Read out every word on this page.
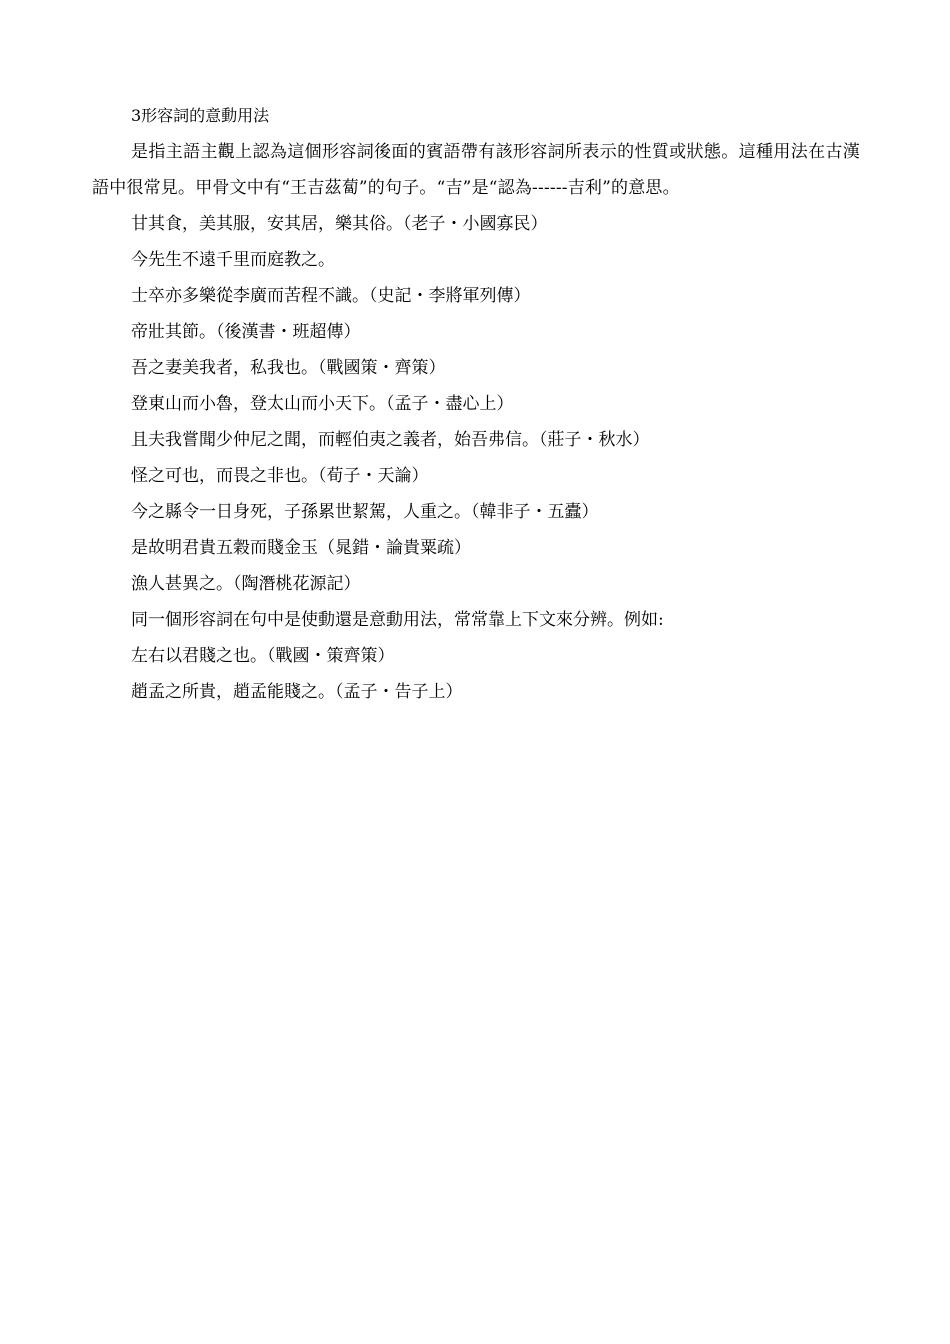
3形容詞的意動用法

是指主語主觀上認為這個形容詞後面的賓語帶有該形容詞所表示的性質或狀態。這種用法在古漢語中很常見。甲骨文中有“王吉茲蔔”的句子。“吉”是“認為------吉利”的意思。

甘其食，美其服，安其居，樂其俗。（老子・小國寡民）
今先生不遠千里而庭教之。
士卒亦多樂從李廣而苦程不識。（史記・李將軍列傳）
帝壯其節。（後漢書・班超傳）
吾之妻美我者，私我也。（戰國策・齊策）
登東山而小魯，登太山而小天下。（孟子・盡心上）
且夫我嘗聞少仲尼之聞，而輕伯夷之義者，始吾弗信。（莊子・秋水）
怪之可也，而畏之非也。（荀子・天論）
今之縣令一日身死，子孫累世絜駕，人重之。（韓非子・五蠹）
是故明君貴五穀而賤金玉（晁錯・論貴粟疏）
漁人甚異之。（陶潛桃花源記）
同一個形容詞在句中是使動還是意動用法，常常靠上下文來分辨。例如:
左右以君賤之也。（戰國・策齊策）
趙孟之所貴，趙孟能賤之。（孟子・告子上）
